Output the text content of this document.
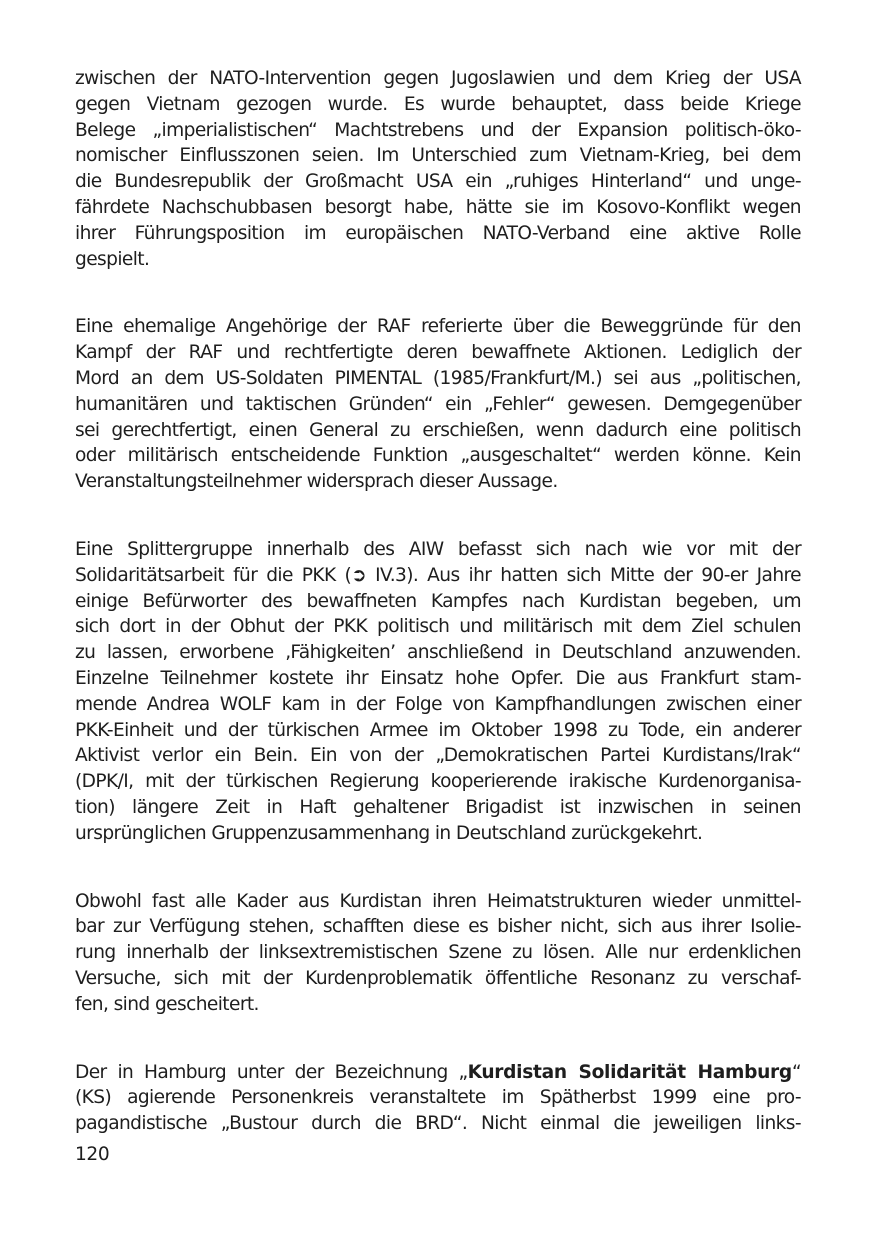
zwischen der NATO-Intervention gegen Jugoslawien und dem Krieg der USA
gegen Vietnam gezogen wurde. Es wurde behauptet, dass beide Kriege
Belege „imperialistischen“ Machtstrebens und der Expansion politisch-öko-
nomischer Einflusszonen seien. Im Unterschied zum Vietnam-Krieg, bei dem
die Bundesrepublik der Großmacht USA ein „ruhiges Hinterland“ und unge-
fährdete Nachschubbasen besorgt habe, hätte sie im Kosovo-Konflikt wegen
ihrer Führungsposition im europäischen NATO-Verband eine aktive Rolle
gespielt.
Eine ehemalige Angehörige der RAF referierte über die Beweggründe für den
Kampf der RAF und rechtfertigte deren bewaffnete Aktionen. Lediglich der
Mord an dem US-Soldaten PIMENTAL (1985/Frankfurt/M.) sei aus „politischen,
humanitären und taktischen Gründen“ ein „Fehler“ gewesen. Demgegenüber
sei gerechtfertigt, einen General zu erschießen, wenn dadurch eine politisch
oder militärisch entscheidende Funktion „ausgeschaltet“ werden könne. Kein
Veranstaltungsteilnehmer widersprach dieser Aussage.
Eine Splittergruppe innerhalb des AIW befasst sich nach wie vor mit der
Solidaritätsarbeit für die PKK (➲ IV.3). Aus ihr hatten sich Mitte der 90-er Jahre
einige Befürworter des bewaffneten Kampfes nach Kurdistan begeben, um
sich dort in der Obhut der PKK politisch und militärisch mit dem Ziel schulen
zu lassen, erworbene ‚Fähigkeiten’ anschließend in Deutschland anzuwenden.
Einzelne Teilnehmer kostete ihr Einsatz hohe Opfer. Die aus Frankfurt stam-
mende Andrea WOLF kam in der Folge von Kampfhandlungen zwischen einer
PKK-Einheit und der türkischen Armee im Oktober 1998 zu Tode, ein anderer
Aktivist verlor ein Bein. Ein von der „Demokratischen Partei Kurdistans/Irak“
(DPK/I, mit der türkischen Regierung kooperierende irakische Kurdenorganisa-
tion) längere Zeit in Haft gehaltener Brigadist ist inzwischen in seinen
ursprünglichen Gruppenzusammenhang in Deutschland zurückgekehrt.
Obwohl fast alle Kader aus Kurdistan ihren Heimatstrukturen wieder unmittel-
bar zur Verfügung stehen, schafften diese es bisher nicht, sich aus ihrer Isolie-
rung innerhalb der linksextremistischen Szene zu lösen. Alle nur erdenklichen
Versuche, sich mit der Kurdenproblematik öffentliche Resonanz zu verschaf-
fen, sind gescheitert.
Der in Hamburg unter der Bezeichnung „Kurdistan Solidarität Hamburg“
(KS) agierende Personenkreis veranstaltete im Spätherbst 1999 eine pro-
pagandistische „Bustour durch die BRD“. Nicht einmal die jeweiligen links-
120
